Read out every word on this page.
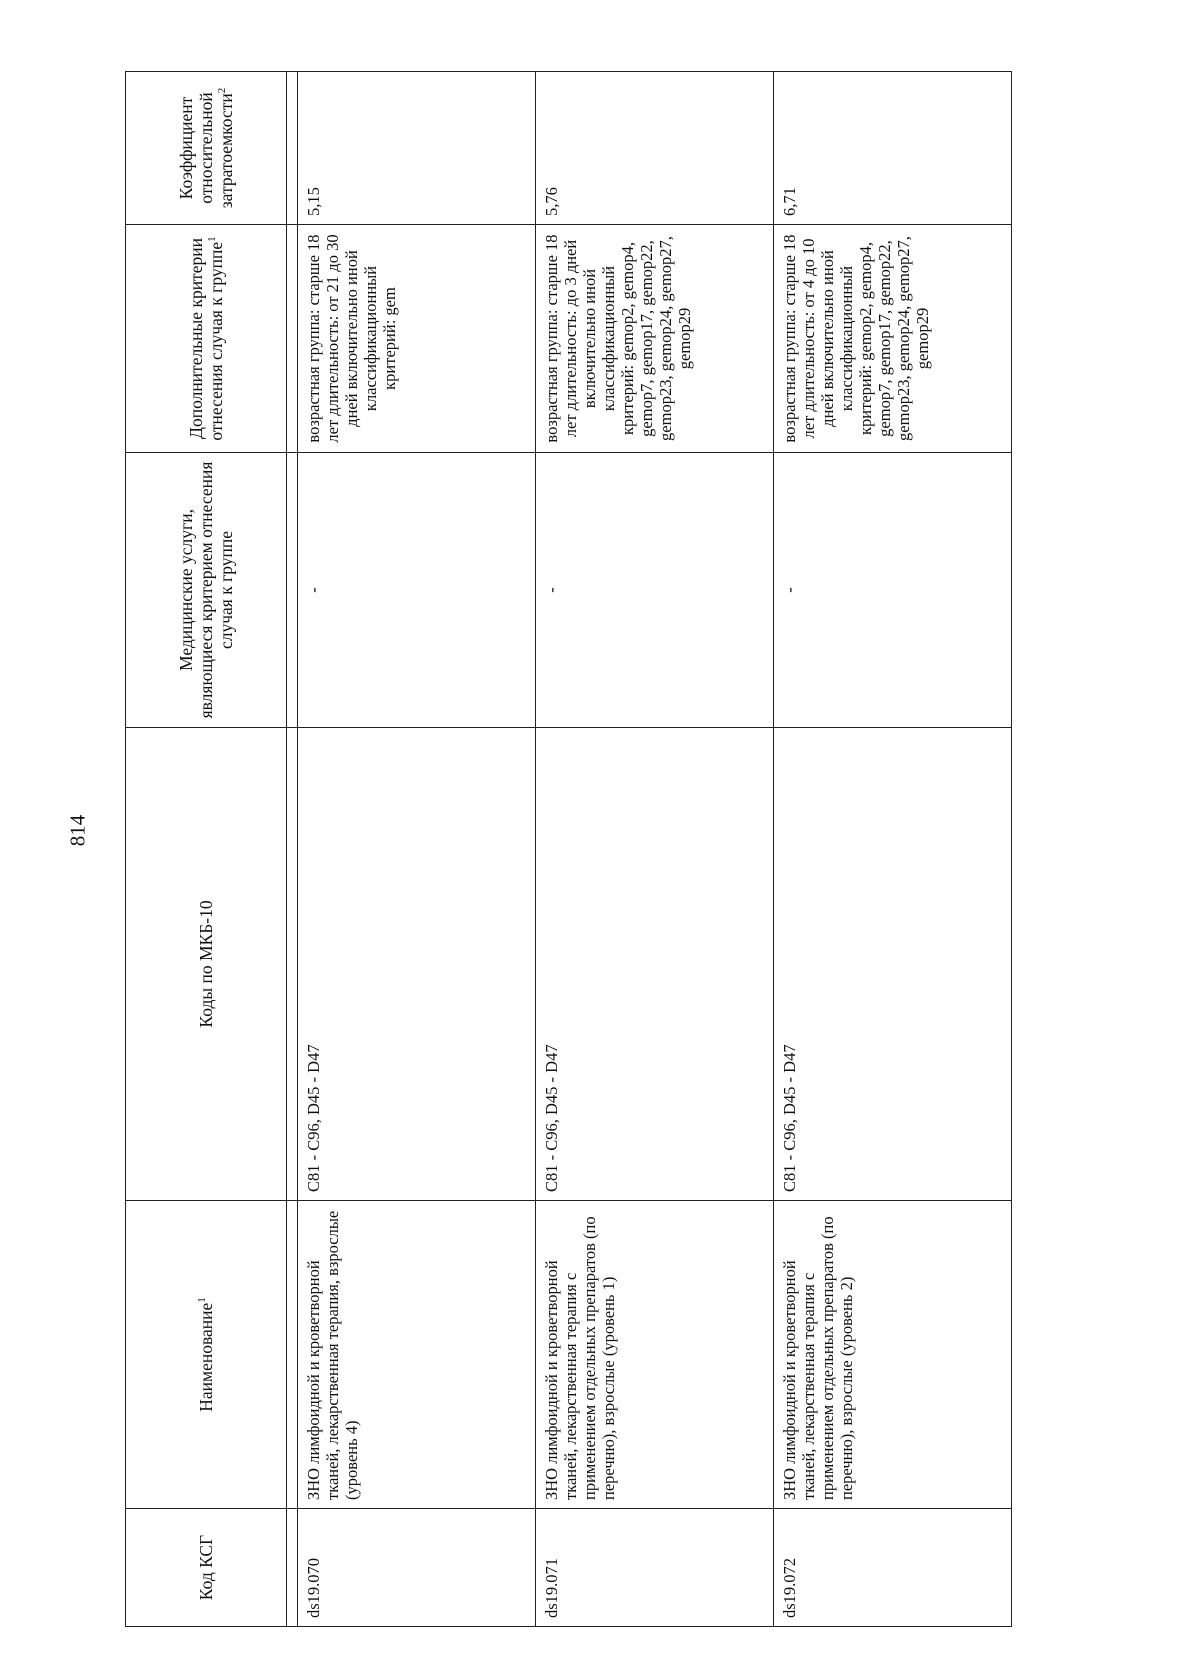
814
Код КСГ	Наименование$^1$	Коды по МКБ-10	Медицинские услуги, являющиеся критерием отнесения случая к группе	Дополнительные критерии отнесения случая к группе$^1$	Коэффициент относительной затратоемкости$^2$

ds19.070	ЗНО лимфоидной и кроветворной тканей, лекарственная терапия, взрослые (уровень 4)	C81 - C96, D45 - D47	-	возрастная группа: старше 18 лет длительность: от 21 до 30 дней включительно иной классификационный критерий: gem	5,15
ds19.071	ЗНО лимфоидной и кроветворной тканей, лекарственная терапия с применением отдельных препаратов (по перечню), взрослые (уровень 1)	C81 - C96, D45 - D47	-	возрастная группа: старше 18 лет длительность: до 3 дней включительно иной классификационный критерий: gemop2, gemop4, gemop7, gemop17, gemop22, gemop23, gemop24, gemop27, gemop29	5,76
ds19.072	ЗНО лимфоидной и кроветворной тканей, лекарственная терапия с применением отдельных препаратов (по перечню), взрослые (уровень 2)	C81 - C96, D45 - D47	-	возрастная группа: старше 18 лет длительность: от 4 до 10 дней включительно иной классификационный критерий: gemop2, gemop4, gemop7, gemop17, gemop22, gemop23, gemop24, gemop27, gemop29	6,71
